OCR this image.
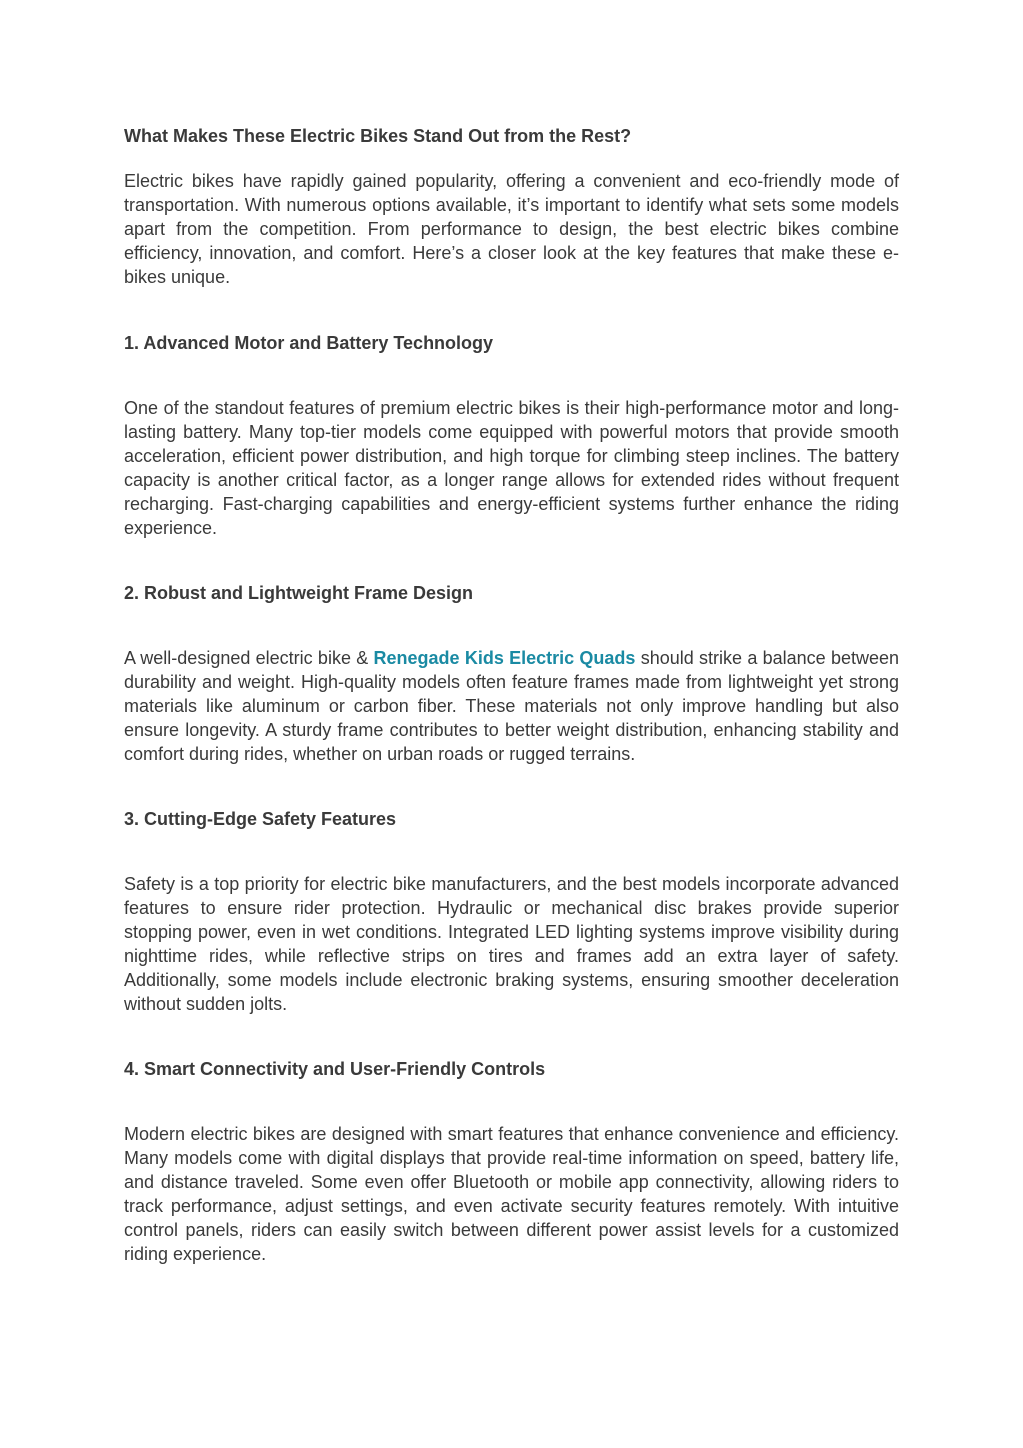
What Makes These Electric Bikes Stand Out from the Rest?

Electric bikes have rapidly gained popularity, offering a convenient and eco-friendly mode of transportation. With numerous options available, it’s important to identify what sets some models apart from the competition. From performance to design, the best electric bikes combine efficiency, innovation, and comfort. Here’s a closer look at the key features that make these e-bikes unique.

1. Advanced Motor and Battery Technology

One of the standout features of premium electric bikes is their high-performance motor and long-lasting battery. Many top-tier models come equipped with powerful motors that provide smooth acceleration, efficient power distribution, and high torque for climbing steep inclines. The battery capacity is another critical factor, as a longer range allows for extended rides without frequent recharging. Fast-charging capabilities and energy-efficient systems further enhance the riding experience.

2. Robust and Lightweight Frame Design

A well-designed electric bike & Renegade Kids Electric Quads should strike a balance between durability and weight. High-quality models often feature frames made from lightweight yet strong materials like aluminum or carbon fiber. These materials not only improve handling but also ensure longevity. A sturdy frame contributes to better weight distribution, enhancing stability and comfort during rides, whether on urban roads or rugged terrains.

3. Cutting-Edge Safety Features

Safety is a top priority for electric bike manufacturers, and the best models incorporate advanced features to ensure rider protection. Hydraulic or mechanical disc brakes provide superior stopping power, even in wet conditions. Integrated LED lighting systems improve visibility during nighttime rides, while reflective strips on tires and frames add an extra layer of safety. Additionally, some models include electronic braking systems, ensuring smoother deceleration without sudden jolts.

4. Smart Connectivity and User-Friendly Controls

Modern electric bikes are designed with smart features that enhance convenience and efficiency. Many models come with digital displays that provide real-time information on speed, battery life, and distance traveled. Some even offer Bluetooth or mobile app connectivity, allowing riders to track performance, adjust settings, and even activate security features remotely. With intuitive control panels, riders can easily switch between different power assist levels for a customized riding experience.
